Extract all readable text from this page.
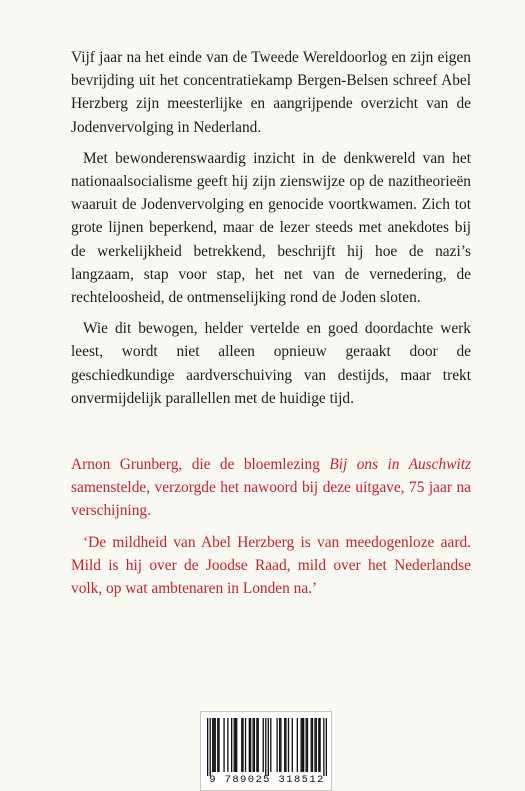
Vijf jaar na het einde van de Tweede Wereldoorlog en zijn eigen bevrijding uit het concentratiekamp Bergen-Belsen schreef Abel Herzberg zijn meesterlijke en aangrijpende overzicht van de Jodenvervolging in Nederland.

Met bewonderenswaardig inzicht in de denkwereld van het nationaalsocialisme geeft hij zijn zienswijze op de nazitheorieën waaruit de Jodenvervolging en genocide voortkwamen. Zich tot grote lijnen beperkend, maar de lezer steeds met anekdotes bij de werkelijkheid betrekkend, beschrijft hij hoe de nazi’s langzaam, stap voor stap, het net van de vernedering, de rechteloosheid, de ontmenselijking rond de Joden sloten.

Wie dit bewogen, helder vertelde en goed doordachte werk leest, wordt niet alleen opnieuw geraakt door de geschiedkundige aardverschuiving van destijds, maar trekt onvermijdelijk parallellen met de huidige tijd.

Arnon Grunberg, die de bloemlezing Bij ons in Auschwitz samenstelde, verzorgde het nawoord bij deze uitgave, 75 jaar na verschijning.

‘De mildheid van Abel Herzberg is van meedogenloze aard. Mild is hij over de Joodse Raad, mild over het Nederlandse volk, op wat ambtenaren in Londen na.’

9 789025 318512
